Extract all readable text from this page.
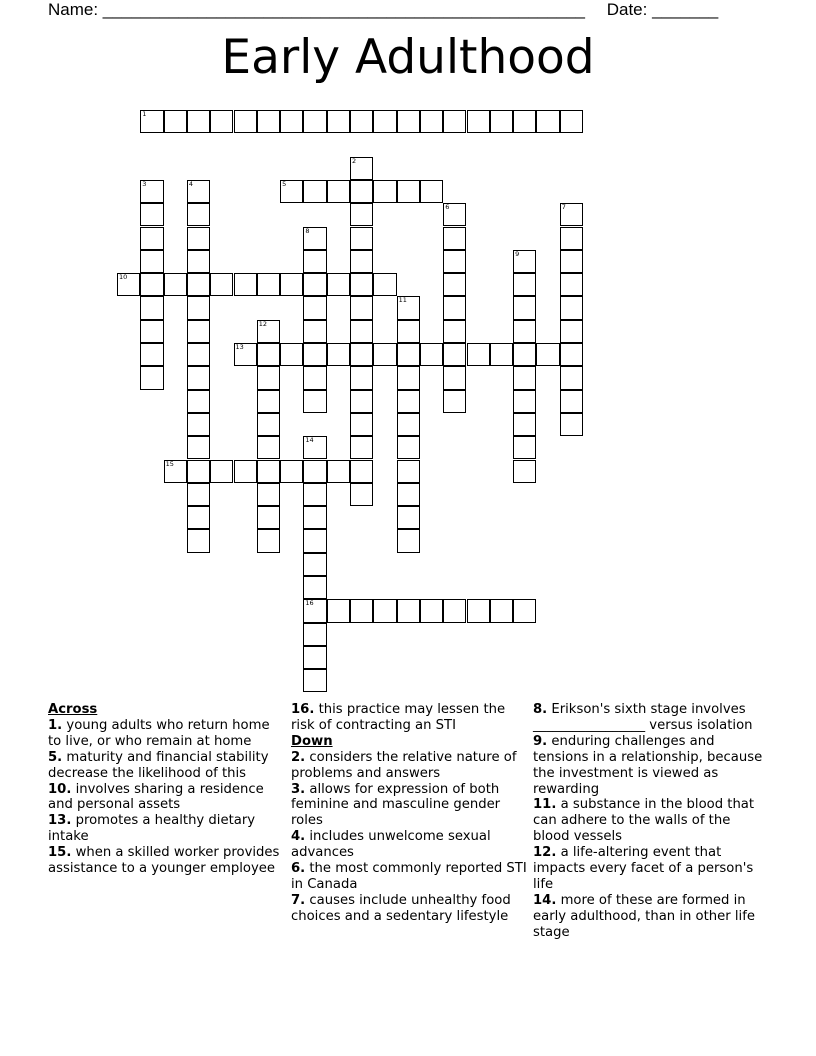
Name: ___________________________________________________ Date: _______
Early Adulthood
1
5
10
13
15
16
2
3	4
6	7
8
9
11
12
14
Across
1. young adults who return home to live, or who remain at home
5. maturity and financial stability decrease the likelihood of this
10. involves sharing a residence and personal assets
13. promotes a healthy dietary intake
15. when a skilled worker provides assistance to a younger employee
16. this practice may lessen the risk of contracting an STI
Down
2. considers the relative nature of problems and answers
3. allows for expression of both feminine and masculine gender roles
4. includes unwelcome sexual advances
6. the most commonly reported STI in Canada
7. causes include unhealthy food choices and a sedentary lifestyle
8. Erikson's sixth stage involves _________________ versus isolation
9. enduring challenges and tensions in a relationship, because the investment is viewed as rewarding
11. a substance in the blood that can adhere to the walls of the blood vessels
12. a life-altering event that impacts every facet of a person's life
14. more of these are formed in early adulthood, than in other life stage
